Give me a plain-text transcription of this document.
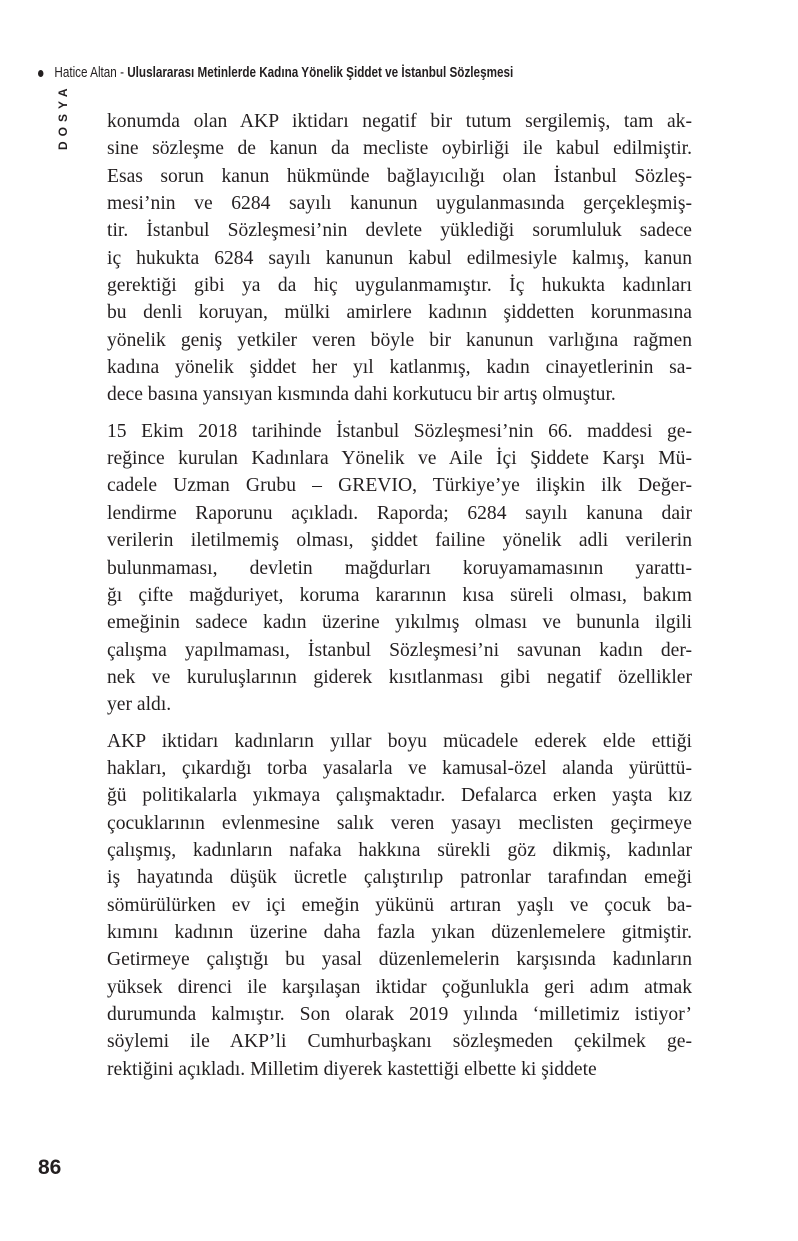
Hatice Altan - Uluslararası Metinlerde Kadına Yönelik Şiddet ve İstanbul Sözleşmesi
DOSYA konumda olan AKP iktidarı negatif bir tutum sergilemiş, tam ak-
sine sözleşme de kanun da mecliste oybirliği ile kabul edilmiştir.
Esas sorun kanun hükmünde bağlayıcılığı olan İstanbul Sözleş-
mesi’nin ve 6284 sayılı kanunun uygulanmasında gerçekleşmiş-
tir. İstanbul Sözleşmesi’nin devlete yüklediği sorumluluk sadece
iç hukukta 6284 sayılı kanunun kabul edilmesiyle kalmış, kanun
gerektiği gibi ya da hiç uygulanmamıştır. İç hukukta kadınları
bu denli koruyan, mülki amirlere kadının şiddetten korunmasına
yönelik geniş yetkiler veren böyle bir kanunun varlığına rağmen
kadına yönelik şiddet her yıl katlanmış, kadın cinayetlerinin sa-
dece basına yansıyan kısmında dahi korkutucu bir artış olmuştur.
15 Ekim 2018 tarihinde İstanbul Sözleşmesi’nin 66. maddesi ge-
reğince kurulan Kadınlara Yönelik ve Aile İçi Şiddete Karşı Mü-
cadele Uzman Grubu – GREVIO, Türkiye’ye ilişkin ilk Değer-
lendirme Raporunu açıkladı. Raporda; 6284 sayılı kanuna dair
verilerin iletilmemiş olması, şiddet failine yönelik adli verilerin
bulunmaması, devletin mağdurları koruyamamasının yarattı-
ğı çifte mağduriyet, koruma kararının kısa süreli olması, bakım
emeğinin sadece kadın üzerine yıkılmış olması ve bununla ilgili
çalışma yapılmaması, İstanbul Sözleşmesi’ni savunan kadın der-
nek ve kuruluşlarının giderek kısıtlanması gibi negatif özellikler
yer aldı.
AKP iktidarı kadınların yıllar boyu mücadele ederek elde ettiği
hakları, çıkardığı torba yasalarla ve kamusal-özel alanda yürüttü-
ğü politikalarla yıkmaya çalışmaktadır. Defalarca erken yaşta kız
çocuklarının evlenmesine salık veren yasayı meclisten geçirmeye
çalışmış, kadınların nafaka hakkına sürekli göz dikmiş, kadınlar
iş hayatında düşük ücretle çalıştırılıp patronlar tarafından emeği
sömürülürken ev içi emeğin yükünü artıran yaşlı ve çocuk ba-
kımını kadının üzerine daha fazla yıkan düzenlemelere gitmiştir.
Getirmeye çalıştığı bu yasal düzenlemelerin karşısında kadınların
yüksek direnci ile karşılaşan iktidar çoğunlukla geri adım atmak
durumunda kalmıştır. Son olarak 2019 yılında ‘milletimiz istiyor’
söylemi ile AKP’li Cumhurbaşkanı sözleşmeden çekilmek ge-
rektiğini açıkladı. Milletim diyerek kastettiği elbette ki şiddete
86
